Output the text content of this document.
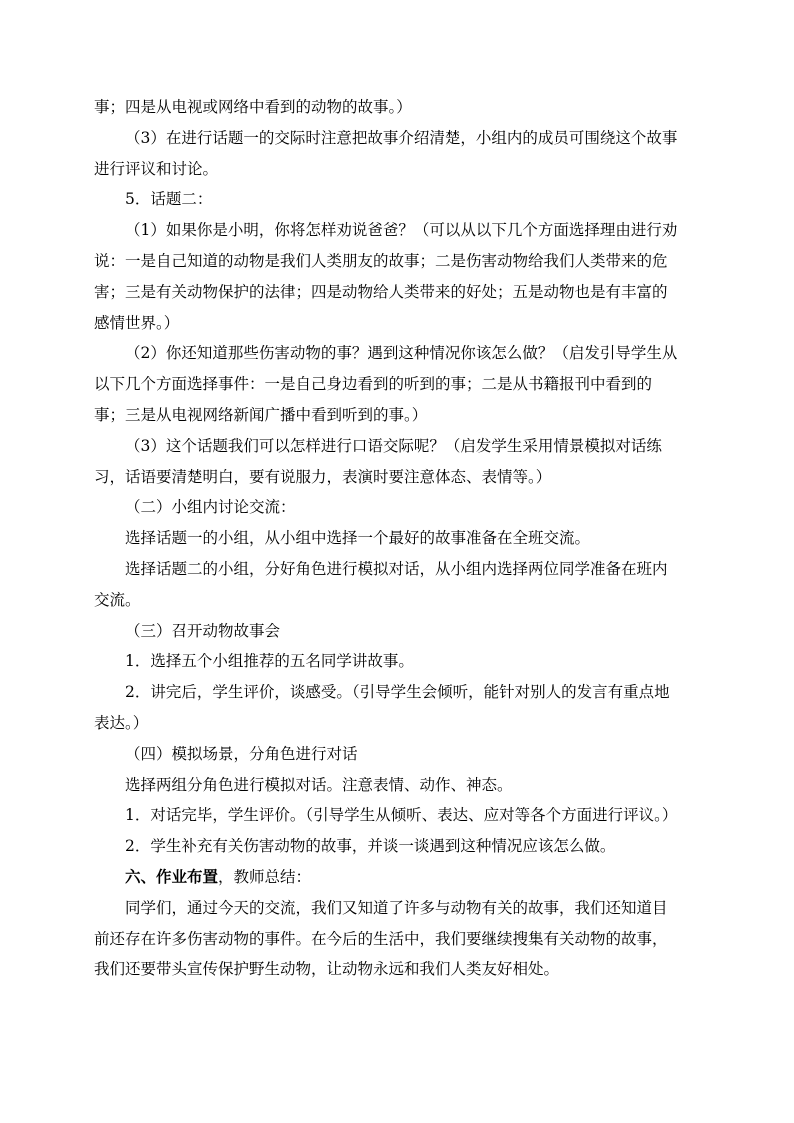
事；四是从电视或网络中看到的动物的故事。）
（3）在进行话题一的交际时注意把故事介绍清楚，小组内的成员可围绕这个故事
进行评议和讨论。
5．话题二：
（1）如果你是小明，你将怎样劝说爸爸？（可以从以下几个方面选择理由进行劝
说：一是自己知道的动物是我们人类朋友的故事；二是伤害动物给我们人类带来的危
害；三是有关动物保护的法律；四是动物给人类带来的好处；五是动物也是有丰富的
感情世界。）
（2）你还知道那些伤害动物的事？遇到这种情况你该怎么做？（启发引导学生从
以下几个方面选择事件：一是自己身边看到的听到的事；二是从书籍报刊中看到的
事；三是从电视网络新闻广播中看到听到的事。）
（3）这个话题我们可以怎样进行口语交际呢？（启发学生采用情景模拟对话练
习，话语要清楚明白，要有说服力，表演时要注意体态、表情等。）
（二）小组内讨论交流：
选择话题一的小组，从小组中选择一个最好的故事准备在全班交流。
选择话题二的小组，分好角色进行模拟对话，从小组内选择两位同学准备在班内
交流。
（三）召开动物故事会
1．选择五个小组推荐的五名同学讲故事。
2．讲完后，学生评价，谈感受。（引导学生会倾听，能针对别人的发言有重点地
表达。）
（四）模拟场景，分角色进行对话
选择两组分角色进行模拟对话。注意表情、动作、神态。
1．对话完毕，学生评价。（引导学生从倾听、表达、应对等各个方面进行评议。）
2．学生补充有关伤害动物的故事，并谈一谈遇到这种情况应该怎么做。
六、作业布置，教师总结：
同学们，通过今天的交流，我们又知道了许多与动物有关的故事，我们还知道目
前还存在许多伤害动物的事件。在今后的生活中，我们要继续搜集有关动物的故事，
我们还要带头宣传保护野生动物，让动物永远和我们人类友好相处。
